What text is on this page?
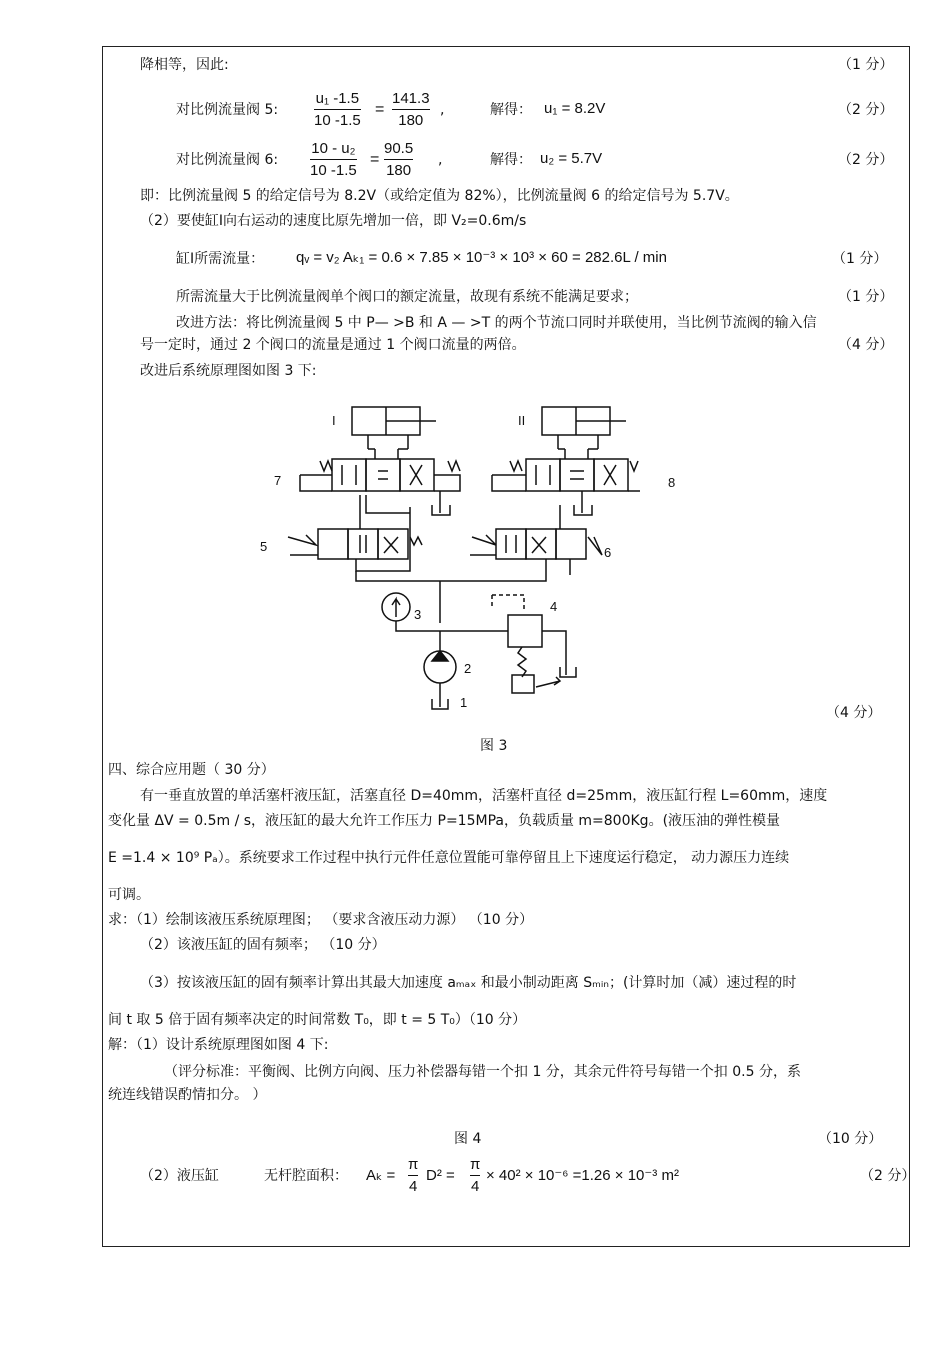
降相等，因此:	（1 分）
对比例流量阀 5:
u₁ -1.5
10 -1.5
=
141.3
180
,	解得： u₁ = 8.2V	（2 分）
对比例流量阀 6:
10 - u₂
10 -1.5
=
90.5
180
,	解得： u₂ = 5.7V	（2 分）
即：比例流量阀 5 的给定信号为 8.2V（或给定值为 82%），比例流量阀 6 的给定信号为 5.7V。
（2）要使缸Ⅰ向右运动的速度比原先增加一倍，即 V₂=0.6m/s
缸Ⅰ所需流量： qᵥ = v₂ Aₖ₁ = 0.6 × 7.85 × 10⁻³ × 10³ × 60 = 282.6L / min	（1 分）
所需流量大于比例流量阀单个阀口的额定流量，故现有系统不能满足要求；	（1 分）
改进方法：将比例流量阀 5 中 P— >B 和 A — >T 的两个节流口同时并联使用，当比例节流阀的输入信
号一定时，通过 2 个阀口的流量是通过 1 个阀口流量的两倍。	（4 分）
改进后系统原理图如图 3 下:
I	II
7	8
5	6
3
4
2
1
（4 分）
图 3
四、综合应用题（ 30 分）
有一垂直放置的单活塞杆液压缸，活塞直径 D=40mm，活塞杆直径 d=25mm，液压缸行程 L=60mm，速度
变化量 ΔV = 0.5m / s，液压缸的最大允许工作压力 P=15MPa，负载质量 m=800Kg。(液压油的弹性模量
E =1.4 × 10⁹ Pₐ）。系统要求工作过程中执行元件任意位置能可靠停留且上下速度运行稳定， 动力源压力连续
可调。
求：（1）绘制该液压系统原理图； （要求含液压动力源） （10 分）
（2）该液压缸的固有频率； （10 分）
（3）按该液压缸的固有频率计算出其最大加速度 aₘₐₓ 和最小制动距离 Sₘᵢₙ；(计算时加（减）速过程的时
间 t 取 5 倍于固有频率决定的时间常数 T₀，即 t = 5 T₀）（10 分）
解：（1）设计系统原理图如图 4 下:
（评分标准：平衡阀、比例方向阀、压力补偿器每错一个扣 1 分，其余元件符号每错一个扣 0.5 分，系
统连线错误酌情扣分。 ）
图 4	（10 分）
（2）液压缸	无杆腔面积： Aₖ =
π
4
D² =
π
4
× 40² × 10⁻⁶ =1.26 × 10⁻³ m²	（2 分）
